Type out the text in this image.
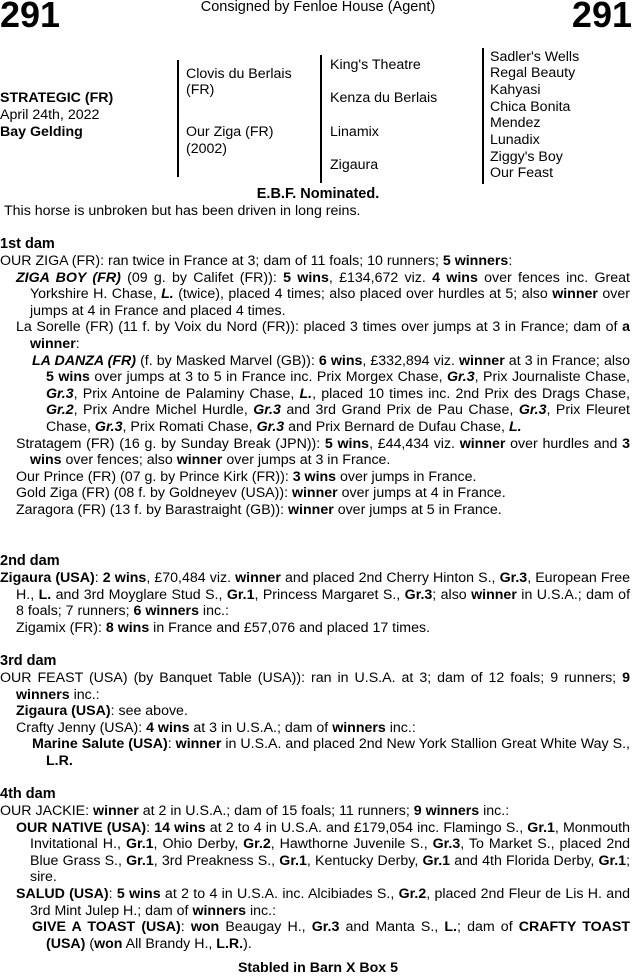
291	Consigned by Fenloe House (Agent)	291
STRATEGIC (FR)
April 24th, 2022
Bay Gelding
Clovis du Berlais
(FR)
Our Ziga (FR)
(2002)
King's Theatre
Kenza du Berlais
Linamix
Zigaura
Sadler's Wells
Regal Beauty
Kahyasi
Chica Bonita
Mendez
Lunadix
Ziggy's Boy
Our Feast
E.B.F. Nominated.
This horse is unbroken but has been driven in long reins.
1st dam
OUR ZIGA (FR): ran twice in France at 3; dam of 11 foals; 10 runners; 5 winners:
ZIGA BOY (FR) (09 g. by Califet (FR)): 5 wins, £134,672 viz. 4 wins over fences inc. Great Yorkshire H. Chase, L. (twice), placed 4 times; also placed over hurdles at 5; also winner over jumps at 4 in France and placed 4 times.
La Sorelle (FR) (11 f. by Voix du Nord (FR)): placed 3 times over jumps at 3 in France; dam of a winner:
LA DANZA (FR) (f. by Masked Marvel (GB)): 6 wins, £332,894 viz. winner at 3 in France; also 5 wins over jumps at 3 to 5 in France inc. Prix Morgex Chase, Gr.3, Prix Journaliste Chase, Gr.3, Prix Antoine de Palaminy Chase, L., placed 10 times inc. 2nd Prix des Drags Chase, Gr.2, Prix Andre Michel Hurdle, Gr.3 and 3rd Grand Prix de Pau Chase, Gr.3, Prix Fleuret Chase, Gr.3, Prix Romati Chase, Gr.3 and Prix Bernard de Dufau Chase, L.
Stratagem (FR) (16 g. by Sunday Break (JPN)): 5 wins, £44,434 viz. winner over hurdles and 3 wins over fences; also winner over jumps at 3 in France.
Our Prince (FR) (07 g. by Prince Kirk (FR)): 3 wins over jumps in France.
Gold Ziga (FR) (08 f. by Goldneyev (USA)): winner over jumps at 4 in France.
Zaragora (FR) (13 f. by Barastraight (GB)): winner over jumps at 5 in France.
2nd dam
Zigaura (USA): 2 wins, £70,484 viz. winner and placed 2nd Cherry Hinton S., Gr.3, European Free H., L. and 3rd Moyglare Stud S., Gr.1, Princess Margaret S., Gr.3; also winner in U.S.A.; dam of 8 foals; 7 runners; 6 winners inc.:
Zigamix (FR): 8 wins in France and £57,076 and placed 17 times.
3rd dam
OUR FEAST (USA) (by Banquet Table (USA)): ran in U.S.A. at 3; dam of 12 foals; 9 runners; 9 winners inc.:
Zigaura (USA): see above.
Crafty Jenny (USA): 4 wins at 3 in U.S.A.; dam of winners inc.:
Marine Salute (USA): winner in U.S.A. and placed 2nd New York Stallion Great White Way S., L.R.
4th dam
OUR JACKIE: winner at 2 in U.S.A.; dam of 15 foals; 11 runners; 9 winners inc.:
OUR NATIVE (USA): 14 wins at 2 to 4 in U.S.A. and £179,054 inc. Flamingo S., Gr.1, Monmouth Invitational H., Gr.1, Ohio Derby, Gr.2, Hawthorne Juvenile S., Gr.3, To Market S., placed 2nd Blue Grass S., Gr.1, 3rd Preakness S., Gr.1, Kentucky Derby, Gr.1 and 4th Florida Derby, Gr.1; sire.
SALUD (USA): 5 wins at 2 to 4 in U.S.A. inc. Alcibiades S., Gr.2, placed 2nd Fleur de Lis H. and 3rd Mint Julep H.; dam of winners inc.:
GIVE A TOAST (USA): won Beaugay H., Gr.3 and Manta S., L.; dam of CRAFTY TOAST (USA) (won All Brandy H., L.R.).
Stabled in Barn X Box 5
